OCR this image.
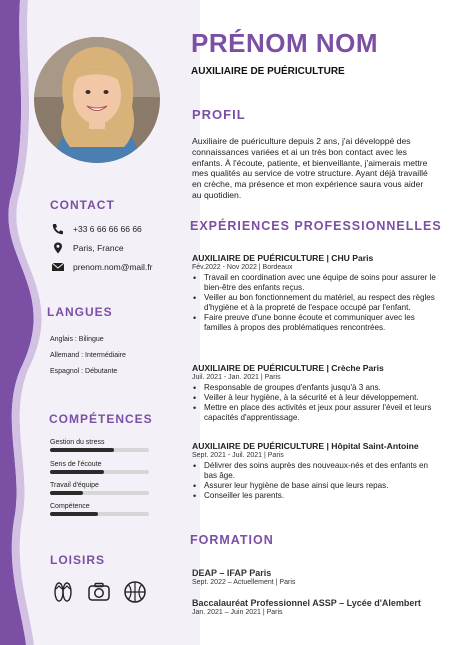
CONTACT
+33 6 66 66 66 66
Paris, France
prenom.nom@mail.fr
LANGUES
Anglais : Bilingue
Allemand : Intermédiaire
Espagnol : Débutante
COMPÉTENCES
Gestion du stress
Sens de l'écoute
Travail d'équipe
Compétence
LOISIRS
PRÉNOM NOM
AUXILIAIRE DE PUÉRICULTURE
PROFIL
Auxiliaire de puériculture depuis 2 ans, j'ai développé des connaissances variées et ai un très bon contact avec les enfants. À l'écoute, patiente, et bienveillante, j'aimerais mettre mes qualités au service de votre structure. Ayant déjà travaillé en crèche, ma présence et mon expérience saura vous aider au quotidien.
EXPÉRIENCES PROFESSIONNELLES
AUXILIAIRE DE PUÉRICULTURE | CHU Paris
Fév.2022 - Nov 2022 | Bordeaux
• Travail en coordination avec une équipe de soins pour assurer le bien-être des enfants reçus.
• Veiller au bon fonctionnement du matériel, au respect des règles d'hygiène et à la propreté de l'espace occupé par l'enfant.
• Faire preuve d'une bonne écoute et communiquer avec les familles à propos des problématiques rencontrées.
AUXILIAIRE DE PUÉRICULTURE | Crèche Paris
Juil. 2021 - Jan. 2021 | Paris
• Responsable de groupes d'enfants jusqu'à 3 ans.
• Veiller à leur hygiène, à la sécurité et à leur développement.
• Mettre en place des activités et jeux pour assurer l'éveil et leurs capacités d'apprentissage.
AUXILIAIRE DE PUÉRICULTURE | Hôpital Saint-Antoine
Sept. 2021 - Juil. 2021 | Paris
• Délivrer des soins auprès des nouveaux-nés et des enfants en bas âge.
• Assurer leur hygiène de base ainsi que leurs repas.
• Conseiller les parents.
FORMATION
DEAP – IFAP Paris
Sept. 2022 – Actuellement | Paris
Baccalauréat Professionnel ASSP – Lycée d'Alembert
Jan. 2021 – Juin 2021 | Paris
